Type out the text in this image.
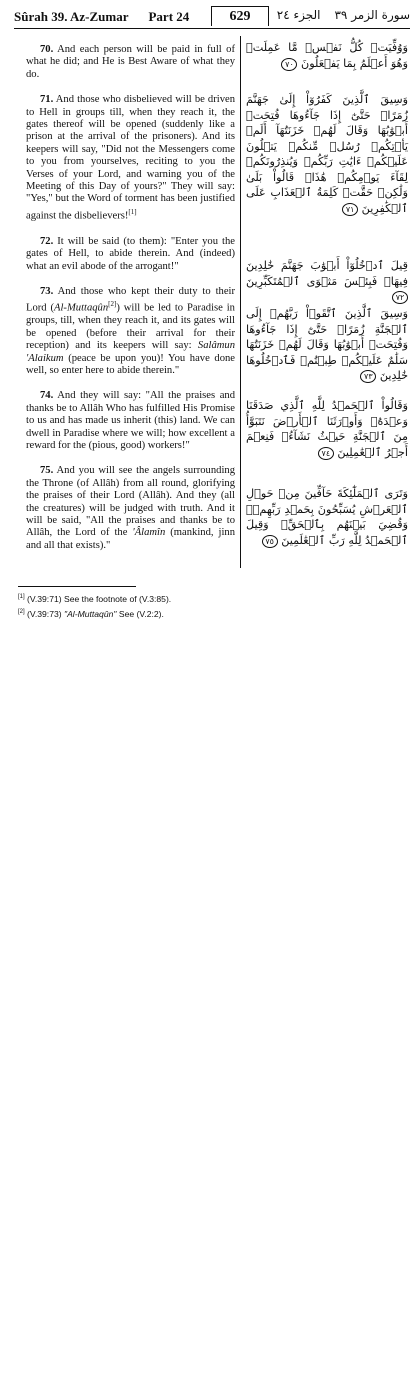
Sûrah 39. Az-Zumar Part 24	629	سورة الزمر ٣٩الجزء ٢٤

70. And each person will be paid in full of what he did; and He is Best Aware of what they do.

71. And those who disbelieved will be driven to Hell in groups till, when they reach it, the gates thereof will be opened (suddenly like a prison at the arrival of the prisoners). And its keepers will say, "Did not the Messengers come to you from yourselves, reciting to you the Verses of your Lord, and warning you of the Meeting of this Day of yours?" They will say: "Yes," but the Word of torment has been justified against the disbelievers![1]

72. It will be said (to them): "Enter you the gates of Hell, to abide therein. And (indeed) what an evil abode of the arrogant!"

73. And those who kept their duty to their Lord (Al-Muttaqûn[2]) will be led to Paradise in groups, till, when they reach it, and its gates will be opened (before their arrival for their reception) and its keepers will say: Salâmun 'Alaikum (peace be upon you)! You have done well, so enter here to abide therein."

74. And they will say: "All the praises and thanks be to Allâh Who has fulfilled His Promise to us and has made us inherit (this) land. We can dwell in Paradise where we will; how excellent a reward for the (pious, good) workers!"

75. And you will see the angels surrounding the Throne (of Allâh) from all round, glorifying the praises of their Lord (Allâh). And they (all the creatures) will be judged with truth. And it will be said, "All the praises and thanks be to Allâh, the Lord of the 'Âlamîn (mankind, jinn and all that exists)."

وَوُفِّيَتۡ كُلُّ نَفۡسٖ مَّا عَمِلَتۡ وَهُوَ أَعۡلَمُ بِمَا يَفۡعَلُونَ ٧٠
وَسِيقَ ٱلَّذِينَ كَفَرُوٓاْ إِلَىٰ جَهَنَّمَ زُمَرًاۖ حَتَّىٰٓ إِذَا جَآءُوهَا فُتِحَتۡ أَبۡوَٰبُهَا وَقَالَ لَهُمۡ خَزَنَتُهَآ أَلَمۡ يَأۡتِكُمۡ رُسُلٞ مِّنكُمۡ يَتۡلُونَ عَلَيۡكُمۡ ءَايَٰتِ رَبِّكُمۡ وَيُنذِرُونَكُمۡ لِقَآءَ يَوۡمِكُمۡ هَٰذَاۚ قَالُواْ بَلَىٰ وَلَٰكِنۡ حَقَّتۡ كَلِمَةُ ٱلۡعَذَابِ عَلَى ٱلۡكَٰفِرِينَ ٧١
قِيلَ ٱدۡخُلُوٓاْ أَبۡوَٰبَ جَهَنَّمَ خَٰلِدِينَ فِيهَاۖ فَبِئۡسَ مَثۡوَى ٱلۡمُتَكَبِّرِينَ ٧٢
وَسِيقَ ٱلَّذِينَ ٱتَّقَوۡاْ رَبَّهُمۡ إِلَى ٱلۡجَنَّةِ زُمَرًاۖ حَتَّىٰٓ إِذَا جَآءُوهَا وَفُتِحَتۡ أَبۡوَٰبُهَا وَقَالَ لَهُمۡ خَزَنَتُهَا سَلَٰمٌ عَلَيۡكُمۡ طِبۡتُمۡ فَٱدۡخُلُوهَا خَٰلِدِينَ ٧٣
وَقَالُواْ ٱلۡحَمۡدُ لِلَّهِ ٱلَّذِي صَدَقَنَا وَعۡدَهُۥ وَأَوۡرَثَنَا ٱلۡأَرۡضَ نَتَبَوَّأُ مِنَ ٱلۡجَنَّةِ حَيۡثُ نَشَآءُۖ فَنِعۡمَ أَجۡرُ ٱلۡعَٰمِلِينَ ٧٤
وَتَرَى ٱلۡمَلَٰٓئِكَةَ حَآفِّينَ مِنۡ حَوۡلِ ٱلۡعَرۡشِ يُسَبِّحُونَ بِحَمۡدِ رَبِّهِمۡۚ وَقُضِيَ بَيۡنَهُم بِٱلۡحَقِّۚ وَقِيلَ ٱلۡحَمۡدُ لِلَّهِ رَبِّ ٱلۡعَٰلَمِينَ ٧٥
[1] (V.39:71) See the footnote of (V.3:85).
[2] (V.39:73) "Al-Muttaqûn" See (V.2:2).
